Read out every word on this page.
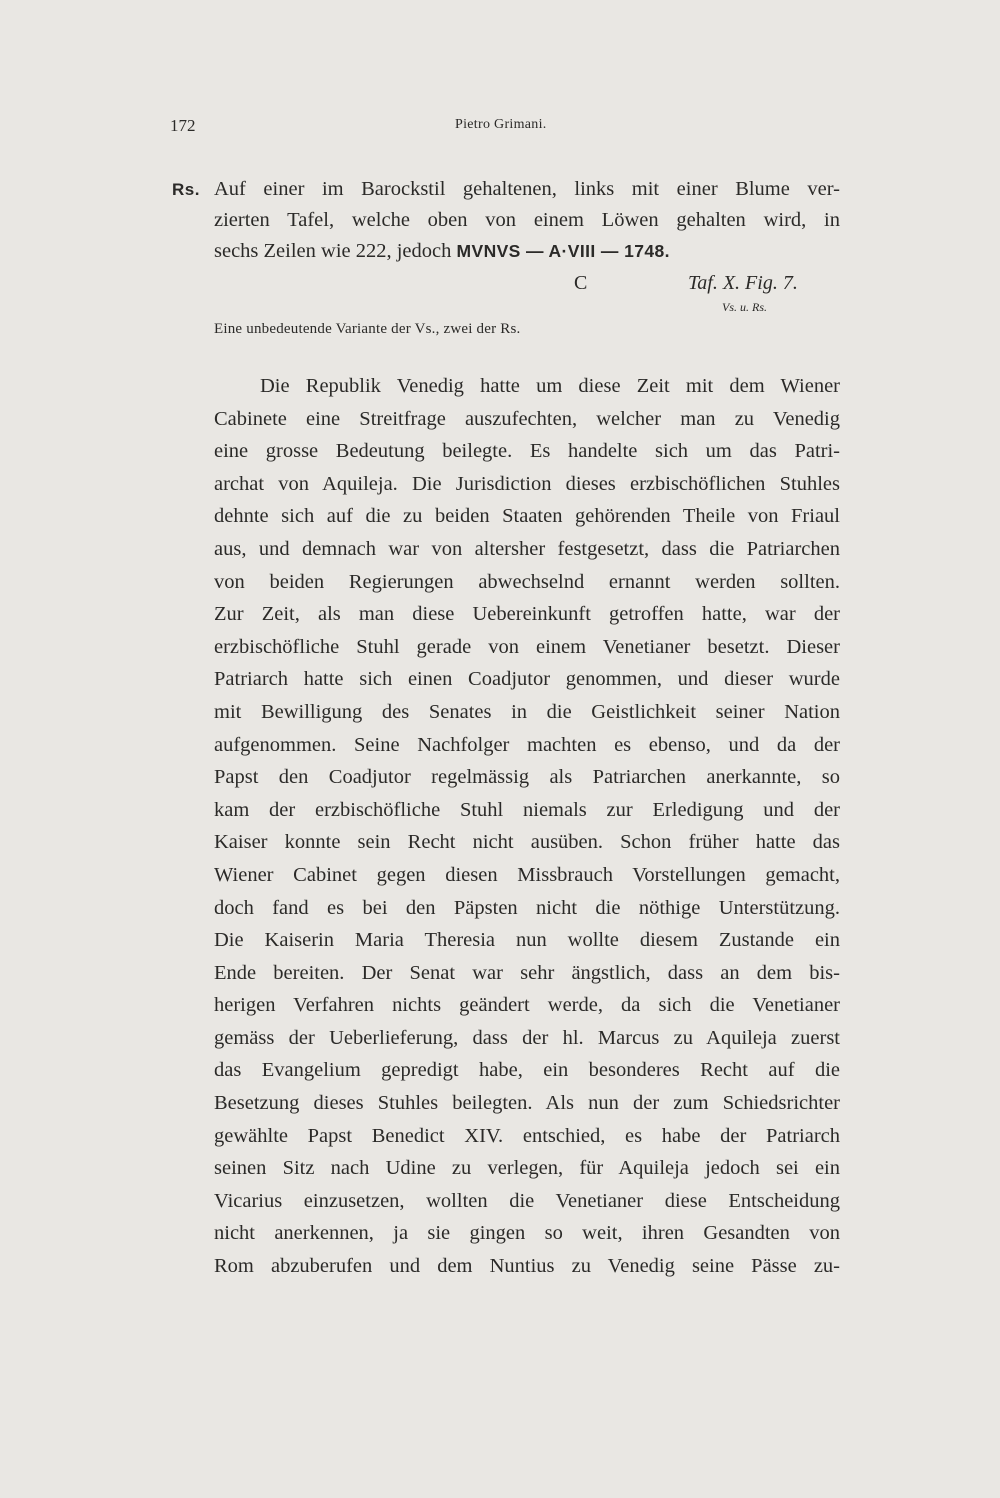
172	Pietro Grimani.
Rs. Auf einer im Barockstil gehaltenen, links mit einer Blume ver-
zierten Tafel, welche oben von einem Löwen gehalten wird, in
sechs Zeilen wie 222, jedoch MVNVS — A·VIII — 1748.
C	Taf. X. Fig. 7.
Vs. u. Rs.
Eine unbedeutende Variante der Vs., zwei der Rs.
Die Republik Venedig hatte um diese Zeit mit dem Wiener
Cabinete eine Streitfrage auszufechten, welcher man zu Venedig
eine grosse Bedeutung beilegte. Es handelte sich um das Patri-
archat von Aquileja. Die Jurisdiction dieses erzbischöflichen Stuhles
dehnte sich auf die zu beiden Staaten gehörenden Theile von Friaul
aus, und demnach war von altersher festgesetzt, dass die Patriarchen
von beiden Regierungen abwechselnd ernannt werden sollten.
Zur Zeit, als man diese Uebereinkunft getroffen hatte, war der
erzbischöfliche Stuhl gerade von einem Venetianer besetzt. Dieser
Patriarch hatte sich einen Coadjutor genommen, und dieser wurde
mit Bewilligung des Senates in die Geistlichkeit seiner Nation
aufgenommen. Seine Nachfolger machten es ebenso, und da der
Papst den Coadjutor regelmässig als Patriarchen anerkannte, so
kam der erzbischöfliche Stuhl niemals zur Erledigung und der
Kaiser konnte sein Recht nicht ausüben. Schon früher hatte das
Wiener Cabinet gegen diesen Missbrauch Vorstellungen gemacht,
doch fand es bei den Päpsten nicht die nöthige Unterstützung.
Die Kaiserin Maria Theresia nun wollte diesem Zustande ein
Ende bereiten. Der Senat war sehr ängstlich, dass an dem bis-
herigen Verfahren nichts geändert werde, da sich die Venetianer
gemäss der Ueberlieferung, dass der hl. Marcus zu Aquileja zuerst
das Evangelium gepredigt habe, ein besonderes Recht auf die
Besetzung dieses Stuhles beilegten. Als nun der zum Schiedsrichter
gewählte Papst Benedict XIV. entschied, es habe der Patriarch
seinen Sitz nach Udine zu verlegen, für Aquileja jedoch sei ein
Vicarius einzusetzen, wollten die Venetianer diese Entscheidung
nicht anerkennen, ja sie gingen so weit, ihren Gesandten von
Rom abzuberufen und dem Nuntius zu Venedig seine Pässe zu-
